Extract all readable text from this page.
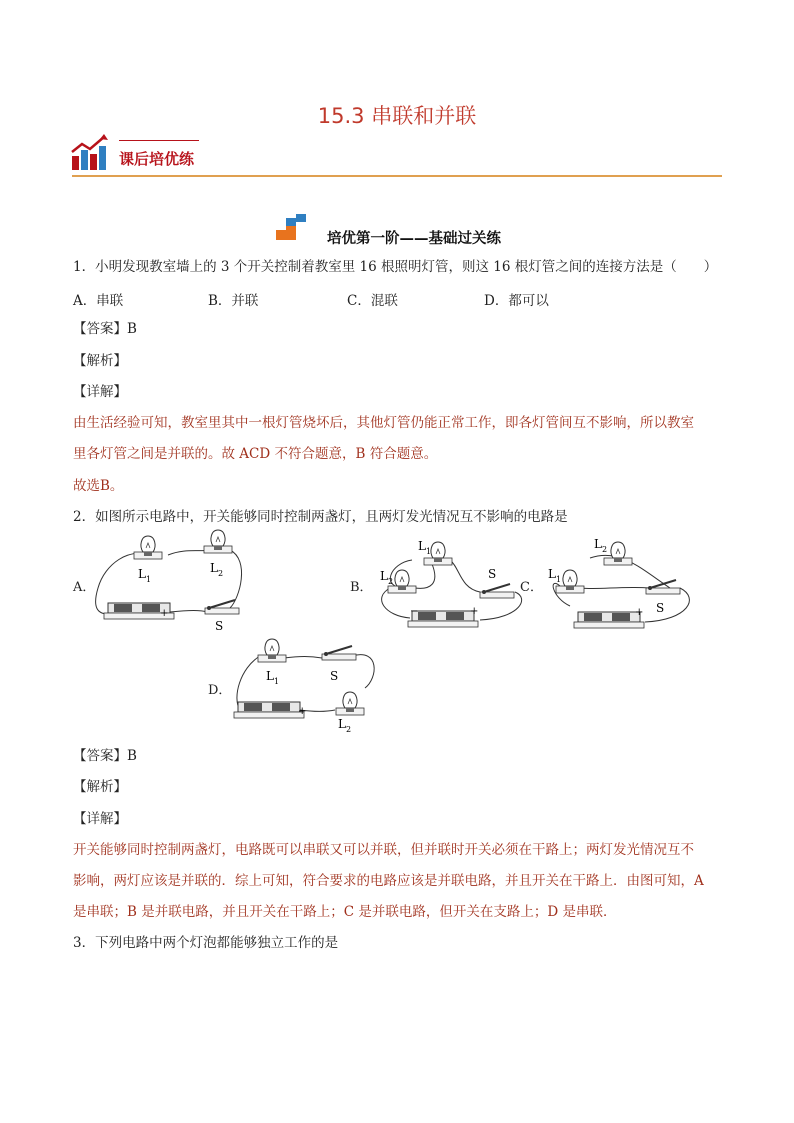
15.3 串联和并联
课后培优练
培优第一阶——基础过关练
1．小明发现教室墙上的 3 个开关控制着教室里 16 根照明灯管，则这 16 根灯管之间的连接方法是（　　）
A．串联	B．并联	C．混联	D．都可以
【答案】B
【解析】
【详解】
由生活经验可知，教室里其中一根灯管烧坏后，其他灯管仍能正常工作，即各灯管间互不影响，所以教室
里各灯管之间是并联的。故 ACD 不符合题意，B 符合题意。
故选B。
2．如图所示电路中，开关能够同时控制两盏灯，且两灯发光情况互不影响的电路是
+
L 1
L 2
S
−	+
L 1
L 2
S
+
L 2
L 1
S
+
L 1	S
L 2
A．	B．	C．
D．
【答案】B
【解析】
【详解】
开关能够同时控制两盏灯，电路既可以串联又可以并联，但并联时开关必须在干路上；两灯发光情况互不
影响，两灯应该是并联的．综上可知，符合要求的电路应该是并联电路，并且开关在干路上．由图可知，A
是串联；B 是并联电路，并且开关在干路上；C 是并联电路，但开关在支路上；D 是串联．
3．下列电路中两个灯泡都能够独立工作的是
